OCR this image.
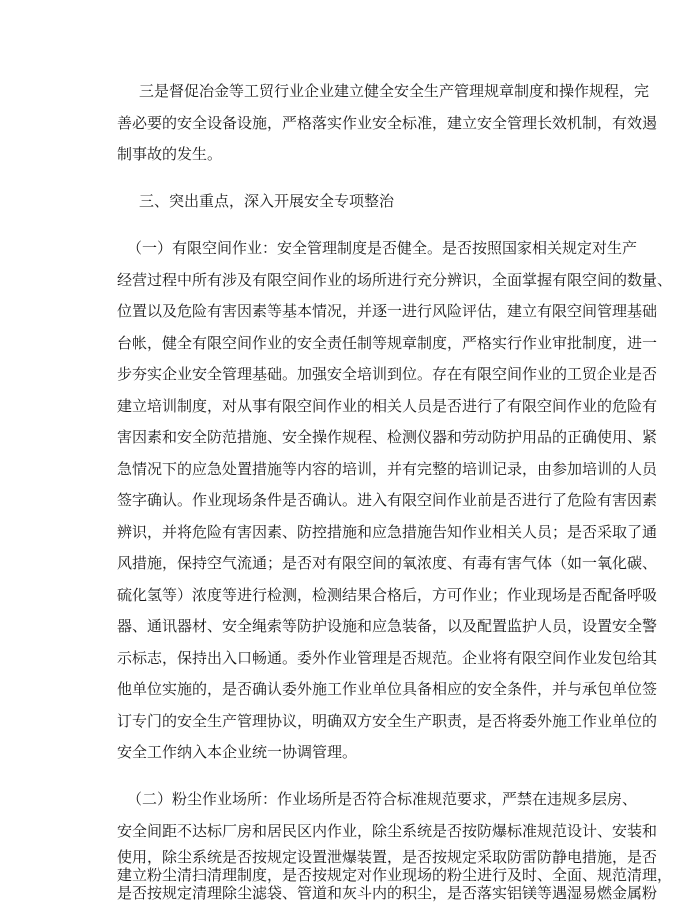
三是督促冶金等工贸行业企业建立健全安全生产管理规章制度和操作规程，完
善必要的安全设备设施，严格落实作业安全标准，建立安全管理长效机制，有效遏
制事故的发生。
三、突出重点，深入开展安全专项整治
（一）有限空间作业：安全管理制度是否健全。是否按照国家相关规定对生产
经营过程中所有涉及有限空间作业的场所进行充分辨识，全面掌握有限空间的数量、
位置以及危险有害因素等基本情况，并逐一进行风险评估，建立有限空间管理基础
台帐，健全有限空间作业的安全责任制等规章制度，严格实行作业审批制度，进一
步夯实企业安全管理基础。加强安全培训到位。存在有限空间作业的工贸企业是否
建立培训制度，对从事有限空间作业的相关人员是否进行了有限空间作业的危险有
害因素和安全防范措施、安全操作规程、检测仪器和劳动防护用品的正确使用、紧
急情况下的应急处置措施等内容的培训，并有完整的培训记录，由参加培训的人员
签字确认。作业现场条件是否确认。进入有限空间作业前是否进行了危险有害因素
辨识，并将危险有害因素、防控措施和应急措施告知作业相关人员；是否采取了通
风措施，保持空气流通；是否对有限空间的氧浓度、有毒有害气体（如一氧化碳、
硫化氢等）浓度等进行检测，检测结果合格后，方可作业；作业现场是否配备呼吸
器、通讯器材、安全绳索等防护设施和应急装备，以及配置监护人员，设置安全警
示标志，保持出入口畅通。委外作业管理是否规范。企业将有限空间作业发包给其
他单位实施的，是否确认委外施工作业单位具备相应的安全条件，并与承包单位签
订专门的安全生产管理协议，明确双方安全生产职责，是否将委外施工作业单位的
安全工作纳入本企业统一协调管理。
（二）粉尘作业场所：作业场所是否符合标准规范要求，严禁在违规多层房、
安全间距不达标厂房和居民区内作业，除尘系统是否按防爆标准规范设计、安装和
使用，除尘系统是否按规定设置泄爆装置，是否按规定采取防雷防静电措施，是否
建立粉尘清扫清理制度，是否按规定对作业现场的粉尘进行及时、全面、规范清理，
是否按规定清理除尘滤袋、管道和灰斗内的积尘，是否落实铝镁等遇湿易燃金属粉
